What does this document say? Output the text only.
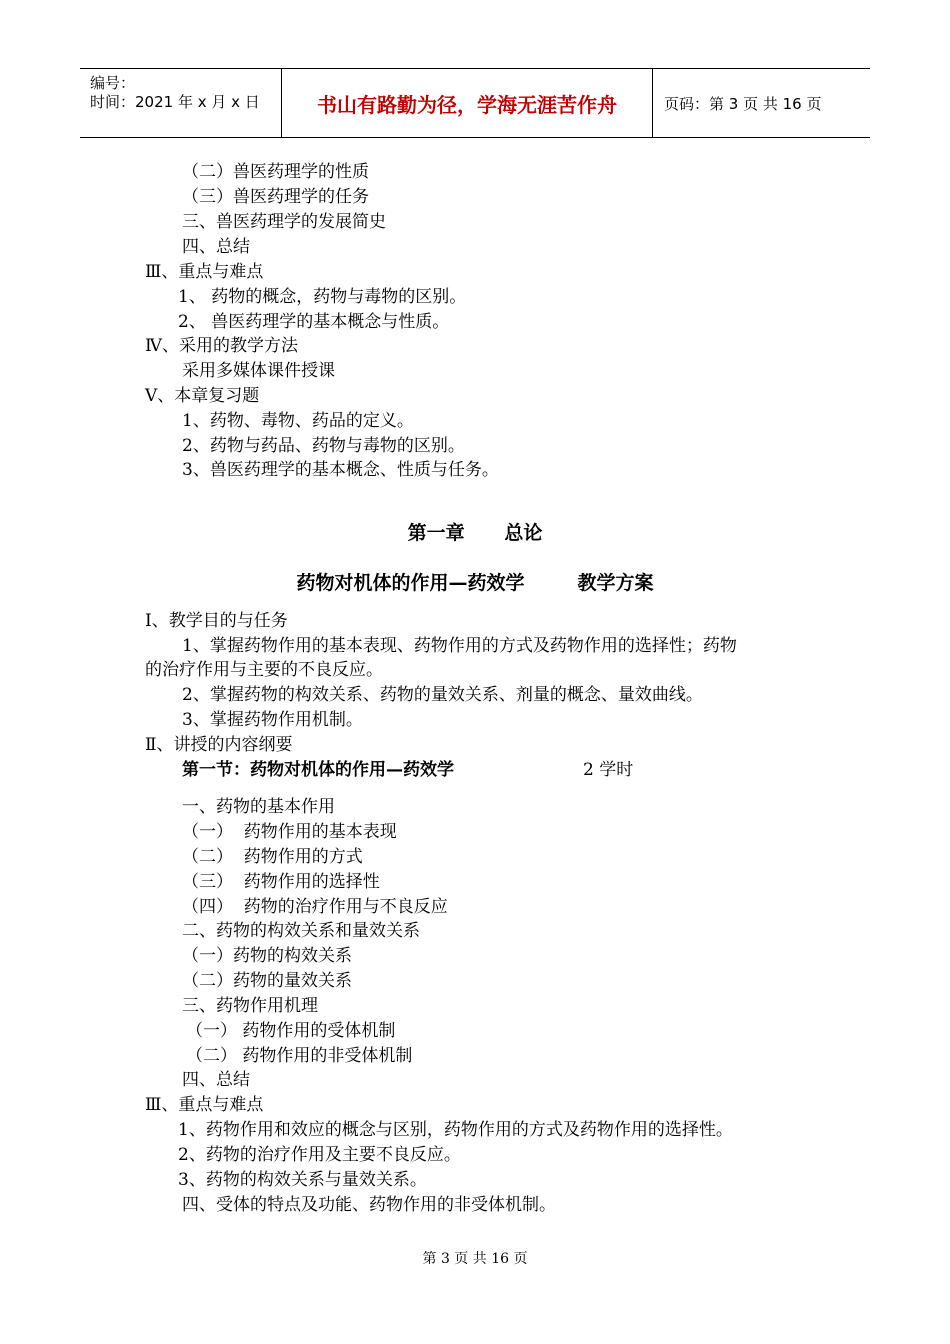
编号：
时间：2021 年 x 月 x 日	书山有路勤为径，学海无涯苦作舟	页码：第 3 页 共 16 页
（二）兽医药理学的性质
（三）兽医药理学的任务
三、兽医药理学的发展简史
四、总结
Ⅲ、重点与难点
1、 药物的概念，药物与毒物的区别。
2、 兽医药理学的基本概念与性质。
Ⅳ、采用的教学方法
采用多媒体课件授课
Ⅴ、本章复习题
1、药物、毒物、药品的定义。
2、药物与药品、药物与毒物的区别。
3、兽医药理学的基本概念、性质与任务。
第一章      总论
药物对机体的作用—药效学        教学方案
Ⅰ、教学目的与任务
1、掌握药物作用的基本表现、药物作用的方式及药物作用的选择性；药物
的治疗作用与主要的不良反应。
2、掌握药物的构效关系、药物的量效关系、剂量的概念、量效曲线。
3、掌握药物作用机制。
Ⅱ、讲授的内容纲要
第一节：药物对机体的作用—药效学	2 学时
一、药物的基本作用
（一）  药物作用的基本表现
（二）  药物作用的方式
（三）  药物作用的选择性
（四）  药物的治疗作用与不良反应
二、药物的构效关系和量效关系
（一）药物的构效关系
（二）药物的量效关系
三、药物作用机理
（一） 药物作用的受体机制
（二） 药物作用的非受体机制
四、总结
Ⅲ、重点与难点
1、药物作用和效应的概念与区别，药物作用的方式及药物作用的选择性。
2、药物的治疗作用及主要不良反应。
3、药物的构效关系与量效关系。
四、受体的特点及功能、药物作用的非受体机制。
第 3 页 共 16 页
